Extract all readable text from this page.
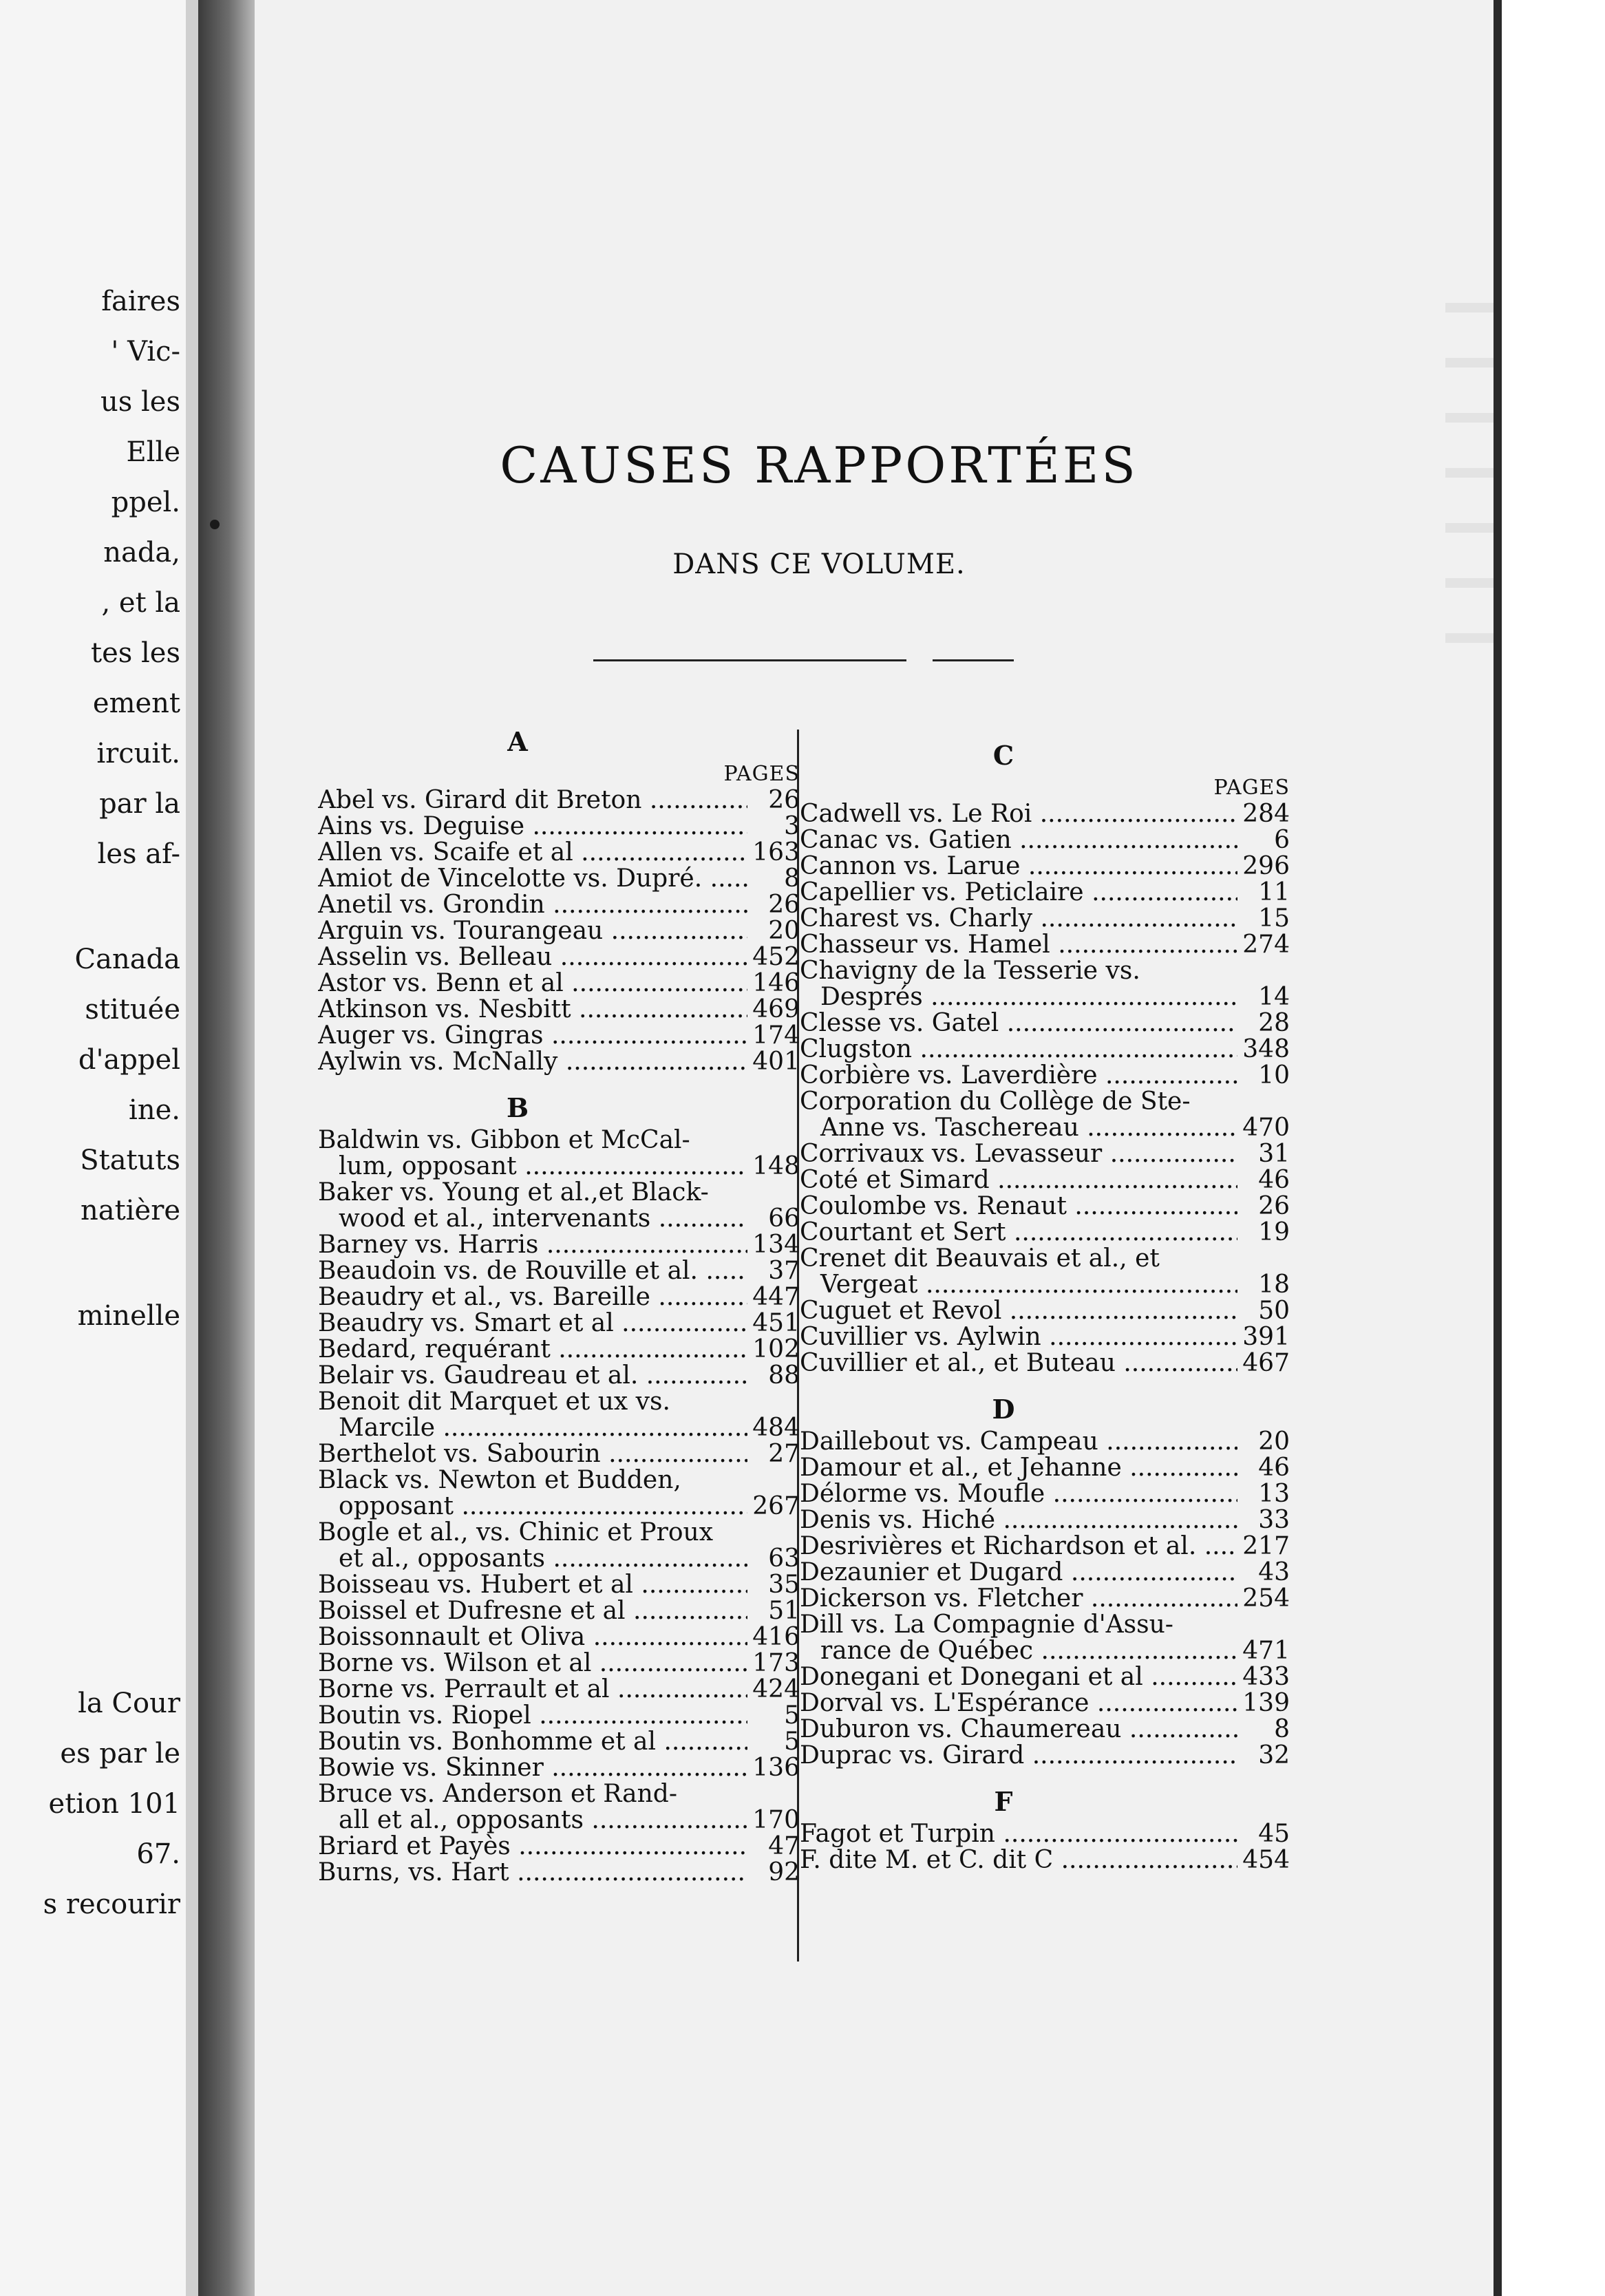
faires
' Vic-
us les
Elle
ppel.
nada,
, et la
tes les
ement
ircuit.
par la
les af-
Canada
stituée
d'appel
ine.
Statuts
natière
minelle
la Cour
es par le
etion 101
67.
s recourir
CAUSES RAPPORTÉES
DANS CE VOLUME.
A
PAGES
Abel vs. Girard dit Breton .....	26
Ains vs. Deguise .....	3
Allen vs. Scaife et al .....	163
Amiot de Vincelotte vs. Dupré. .....	8
Anetil vs. Grondin .....	26
Arguin vs. Tourangeau .....	20
Asselin vs. Belleau .....	452
Astor vs. Benn et al .....	146
Atkinson vs. Nesbitt .....	469
Auger vs. Gingras .....	174
Aylwin vs. McNally .....	401
B
Baldwin vs. Gibbon et McCal-
lum, opposant .....	148
Baker vs. Young et al.,et Black-
wood et al., intervenants .....	66
Barney vs. Harris .....	134
Beaudoin vs. de Rouville et al. .....	37
Beaudry et al., vs. Bareille .....	447
Beaudry vs. Smart et al .....	451
Bedard, requérant .....	102
Belair vs. Gaudreau et al. .....	88
Benoit dit Marquet et ux vs.
Marcile .....	484
Berthelot vs. Sabourin .....	27
Black vs. Newton et Budden,
opposant .....	267
Bogle et al., vs. Chinic et Proux
et al., opposants .....	63
Boisseau vs. Hubert et al .....	35
Boissel et Dufresne et al .....	51
Boissonnault et Oliva .....	416
Borne vs. Wilson et al .....	173
Borne vs. Perrault et al .....	424
Boutin vs. Riopel .....	5
Boutin vs. Bonhomme et al .....	5
Bowie vs. Skinner .....	136
Bruce vs. Anderson et Rand-
all et al., opposants .....	170
Briard et Payès .....	47
Burns, vs. Hart .....	92
C
PAGES
Cadwell vs. Le Roi .....	284
Canac vs. Gatien .....	6
Cannon vs. Larue .....	296
Capellier vs. Peticlaire .....	11
Charest vs. Charly .....	15
Chasseur vs. Hamel .....	274
Chavigny de la Tesserie vs.
Després .....	14
Clesse vs. Gatel .....	28
Clugston .....	348
Corbière vs. Laverdière .....	10
Corporation du Collège de Ste-
Anne vs. Taschereau .....	470
Corrivaux vs. Levasseur .....	31
Coté et Simard .....	46
Coulombe vs. Renaut .....	26
Courtant et Sert .....	19
Crenet dit Beauvais et al., et
Vergeat .....	18
Cuguet et Revol .....	50
Cuvillier vs. Aylwin .....	391
Cuvillier et al., et Buteau .....	467
D
Daillebout vs. Campeau .....	20
Damour et al., et Jehanne .....	46
Délorme vs. Moufle .....	13
Denis vs. Hiché .....	33
Desrivières et Richardson et al. .....	217
Dezaunier et Dugard .....	43
Dickerson vs. Fletcher .....	254
Dill vs. La Compagnie d'Assu-
rance de Québec .....	471
Donegani et Donegani et al .....	433
Dorval vs. L'Espérance .....	139
Duburon vs. Chaumereau .....	8
Duprac vs. Girard .....	32
F
Fagot et Turpin .....	45
F. dite M. et C. dit C .....	454
